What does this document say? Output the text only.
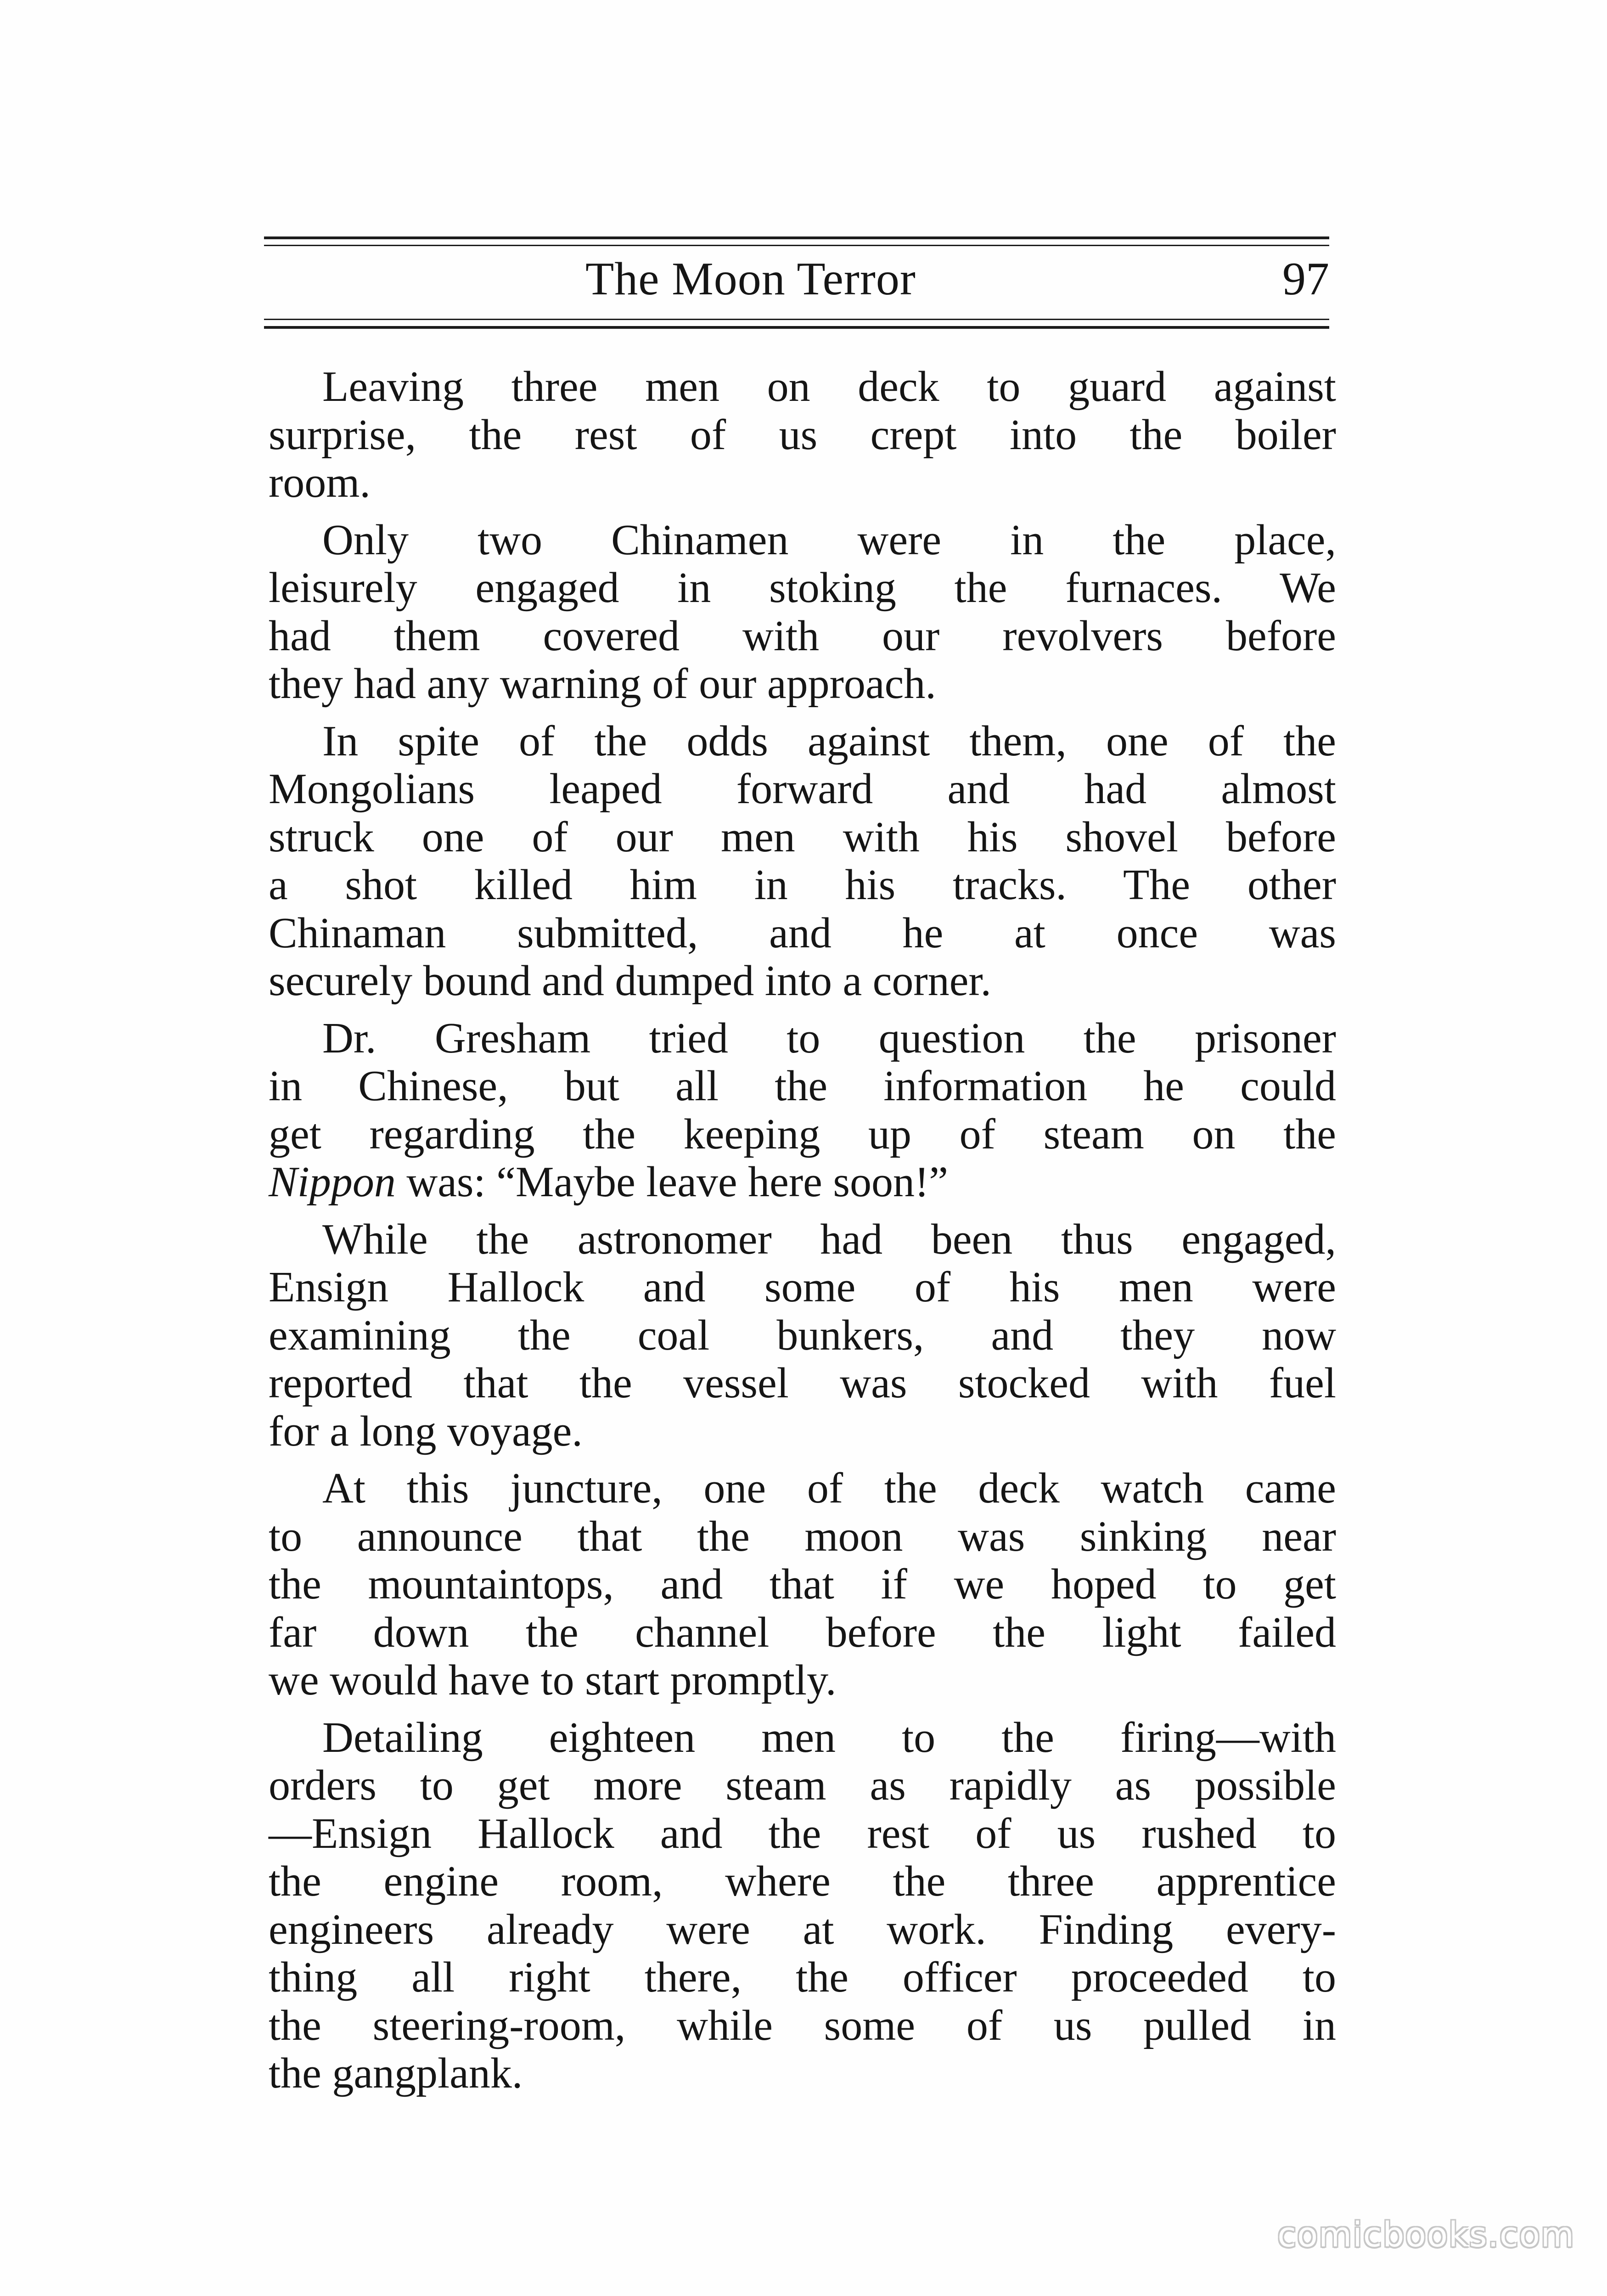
The Moon Terror	97
Leaving three men on deck to guard against
surprise, the rest of us crept into the boiler
room.
Only two Chinamen were in the place,
leisurely engaged in stoking the furnaces. We
had them covered with our revolvers before
they had any warning of our approach.
In spite of the odds against them, one of the
Mongolians leaped forward and had almost
struck one of our men with his shovel before
a shot killed him in his tracks. The other
Chinaman submitted, and he at once was
securely bound and dumped into a corner.
Dr. Gresham tried to question the prisoner
in Chinese, but all the information he could
get regarding the keeping up of steam on the
Nippon was: “Maybe leave here soon!”
While the astronomer had been thus engaged,
Ensign Hallock and some of his men were
examining the coal bunkers, and they now
reported that the vessel was stocked with fuel
for a long voyage.
At this juncture, one of the deck watch came
to announce that the moon was sinking near
the mountaintops, and that if we hoped to get
far down the channel before the light failed
we would have to start promptly.
Detailing eighteen men to the firing—with
orders to get more steam as rapidly as possible
—Ensign Hallock and the rest of us rushed to
the engine room, where the three apprentice
engineers already were at work. Finding every-
thing all right there, the officer proceeded to
the steering-room, while some of us pulled in
the gangplank.
comicbooks.com
